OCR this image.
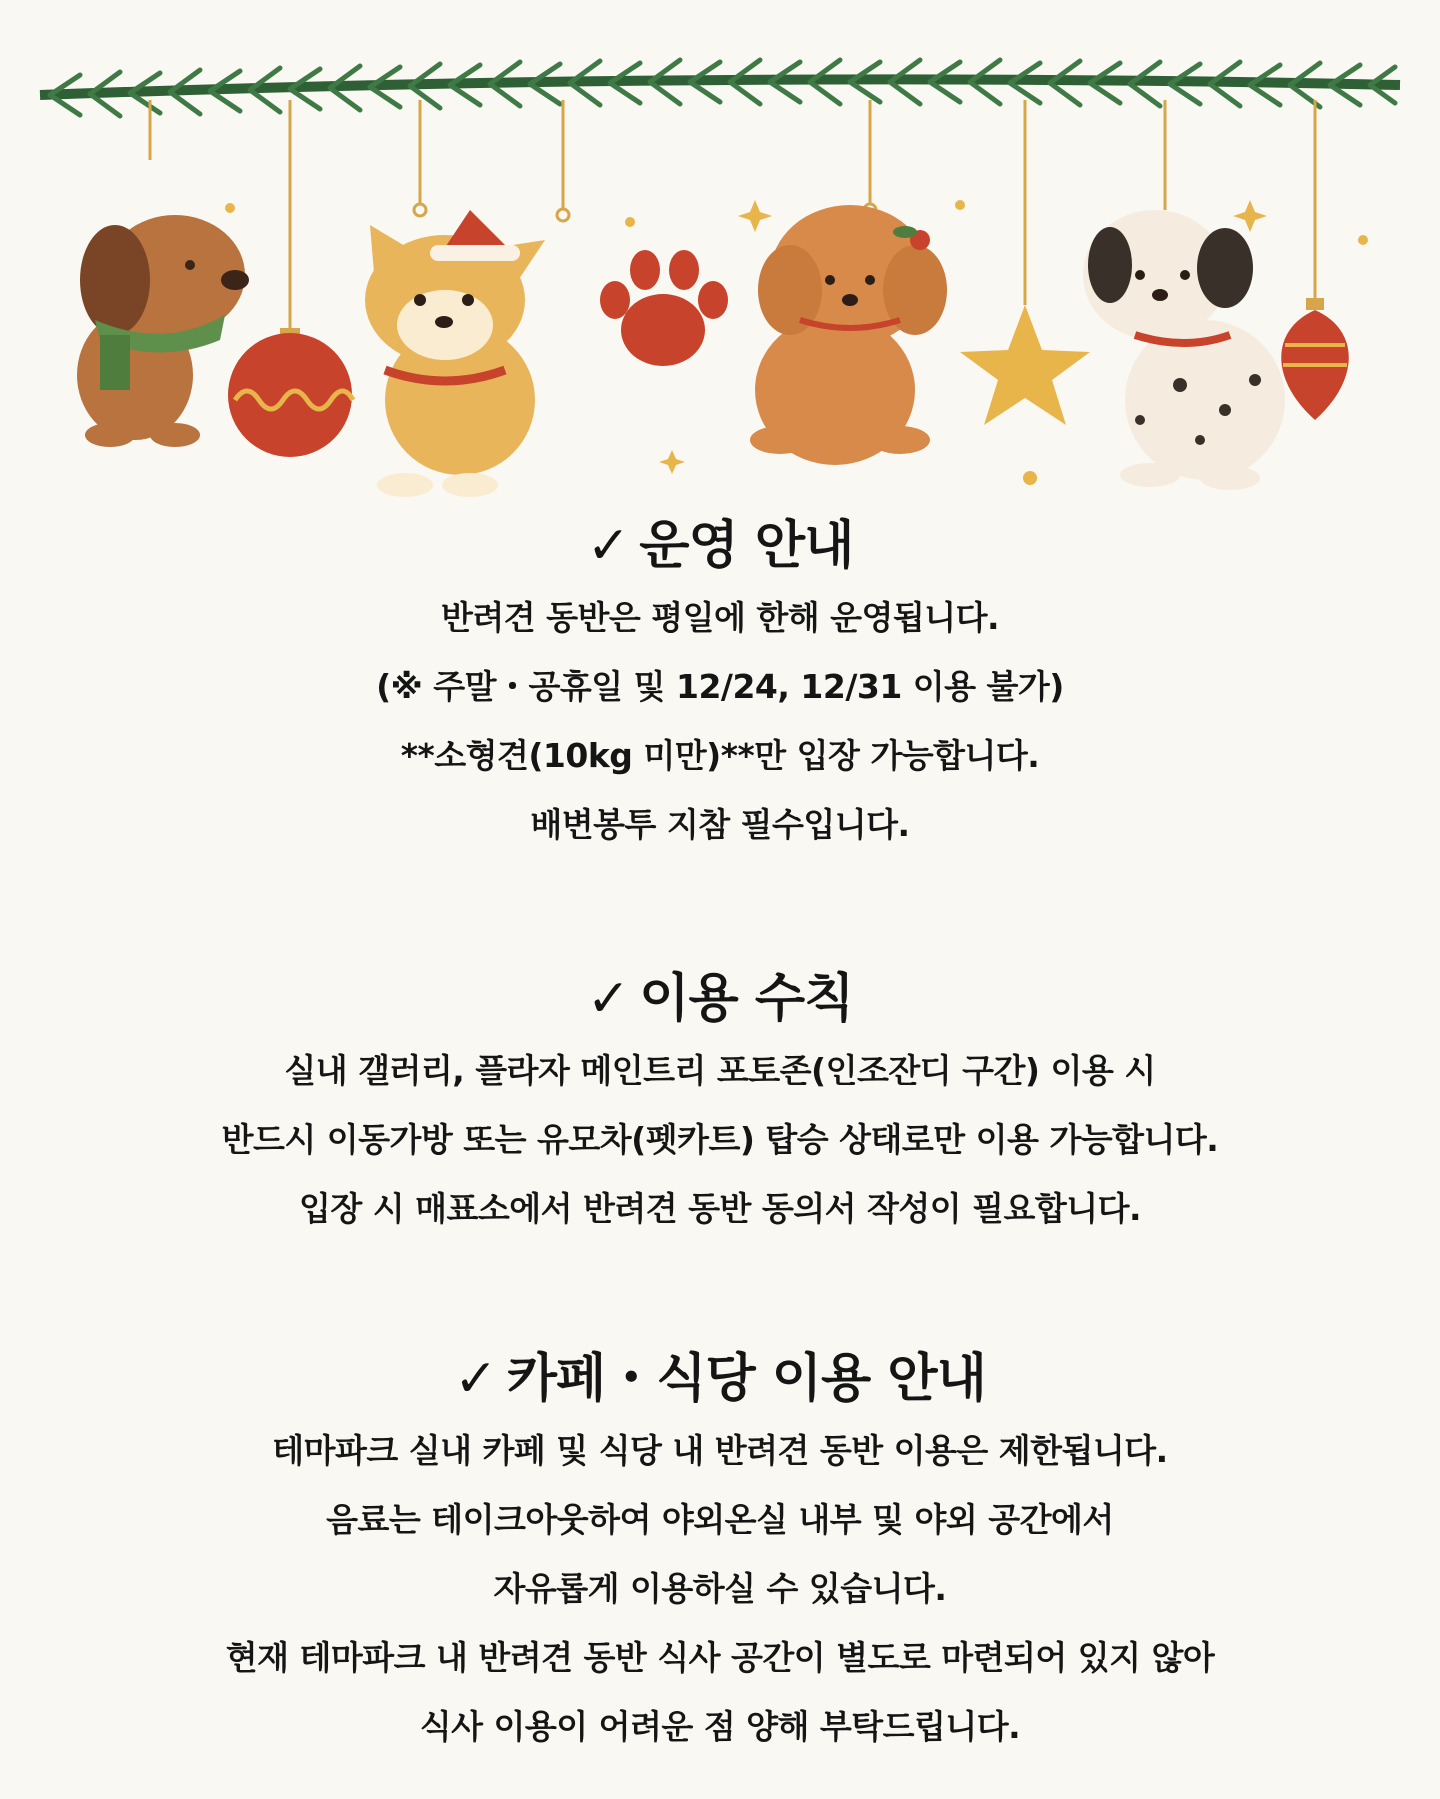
✓ 운영 안내

반려견 동반은 평일에 한해 운영됩니다.

(※ 주말・공휴일 및 12/24, 12/31 이용 불가)

**소형견(10kg 미만)**만 입장 가능합니다.

배변봉투 지참 필수입니다.

✓ 이용 수칙

실내 갤러리, 플라자 메인트리 포토존(인조잔디 구간) 이용 시

반드시 이동가방 또는 유모차(펫카트) 탑승 상태로만 이용 가능합니다.

입장 시 매표소에서 반려견 동반 동의서 작성이 필요합니다.

✓ 카페・식당 이용 안내

테마파크 실내 카페 및 식당 내 반려견 동반 이용은 제한됩니다.

음료는 테이크아웃하여 야외온실 내부 및 야외 공간에서

자유롭게 이용하실 수 있습니다.

현재 테마파크 내 반려견 동반 식사 공간이 별도로 마련되어 있지 않아

식사 이용이 어려운 점 양해 부탁드립니다.
